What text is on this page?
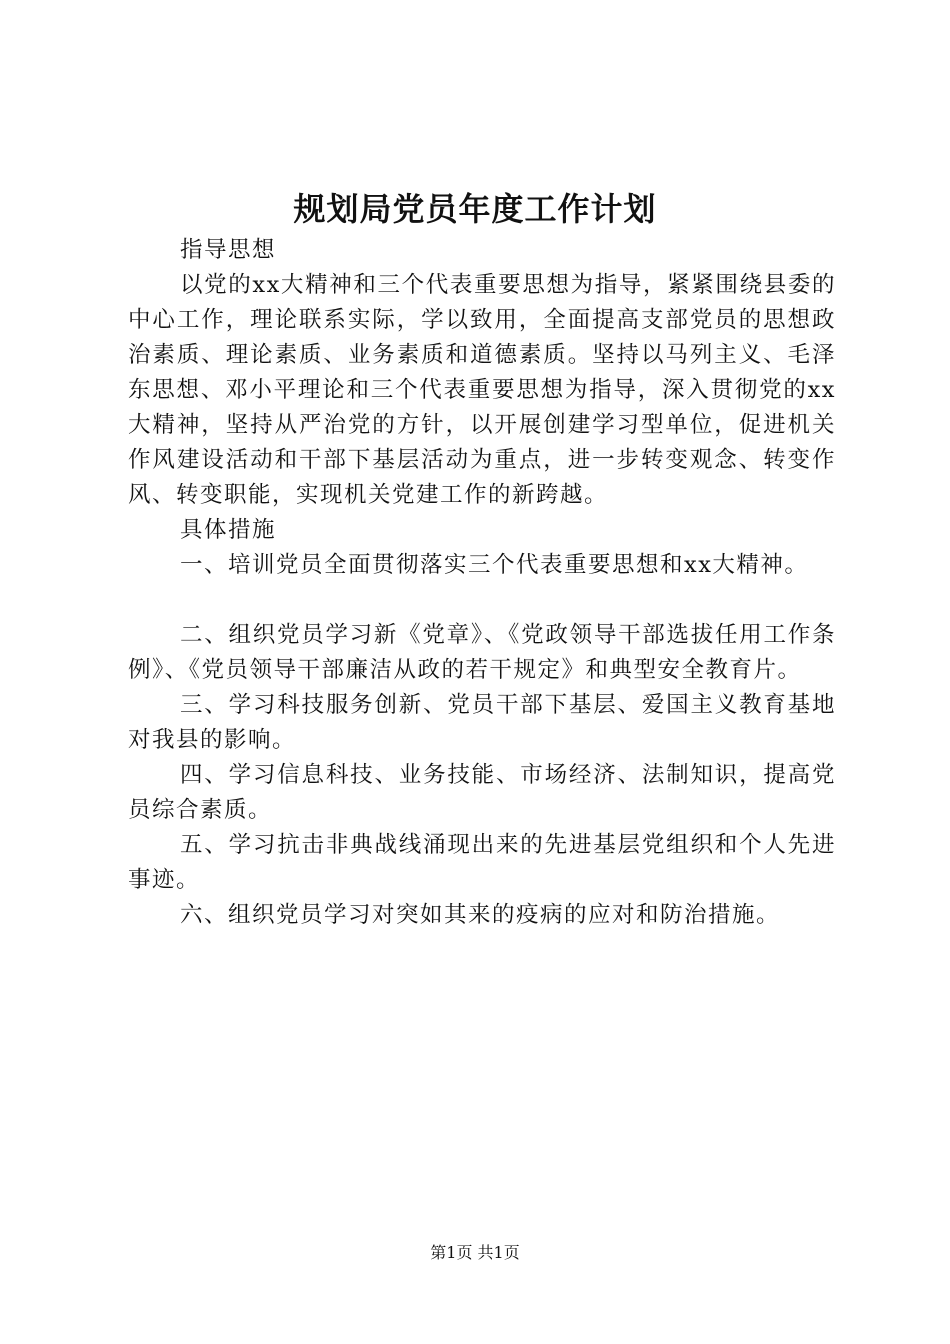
规划局党员年度工作计划

指导思想

以党的xx大精神和三个代表重要思想为指导，紧紧围绕县委的中心工作，理论联系实际，学以致用，全面提高支部党员的思想政治素质、理论素质、业务素质和道德素质。坚持以马列主义、毛泽东思想、邓小平理论和三个代表重要思想为指导，深入贯彻党的xx大精神，坚持从严治党的方针，以开展创建学习型单位，促进机关作风建设活动和干部下基层活动为重点，进一步转变观念、转变作风、转变职能，实现机关党建工作的新跨越。

具体措施

一、培训党员全面贯彻落实三个代表重要思想和xx大精神。

二、组织党员学习新《党章》、《党政领导干部选拔任用工作条例》、《党员领导干部廉洁从政的若干规定》和典型安全教育片。

三、学习科技服务创新、党员干部下基层、爱国主义教育基地对我县的影响。

四、学习信息科技、业务技能、市场经济、法制知识，提高党员综合素质。

五、学习抗击非典战线涌现出来的先进基层党组织和个人先进事迹。

六、组织党员学习对突如其来的疫病的应对和防治措施。

第1页 共1页
